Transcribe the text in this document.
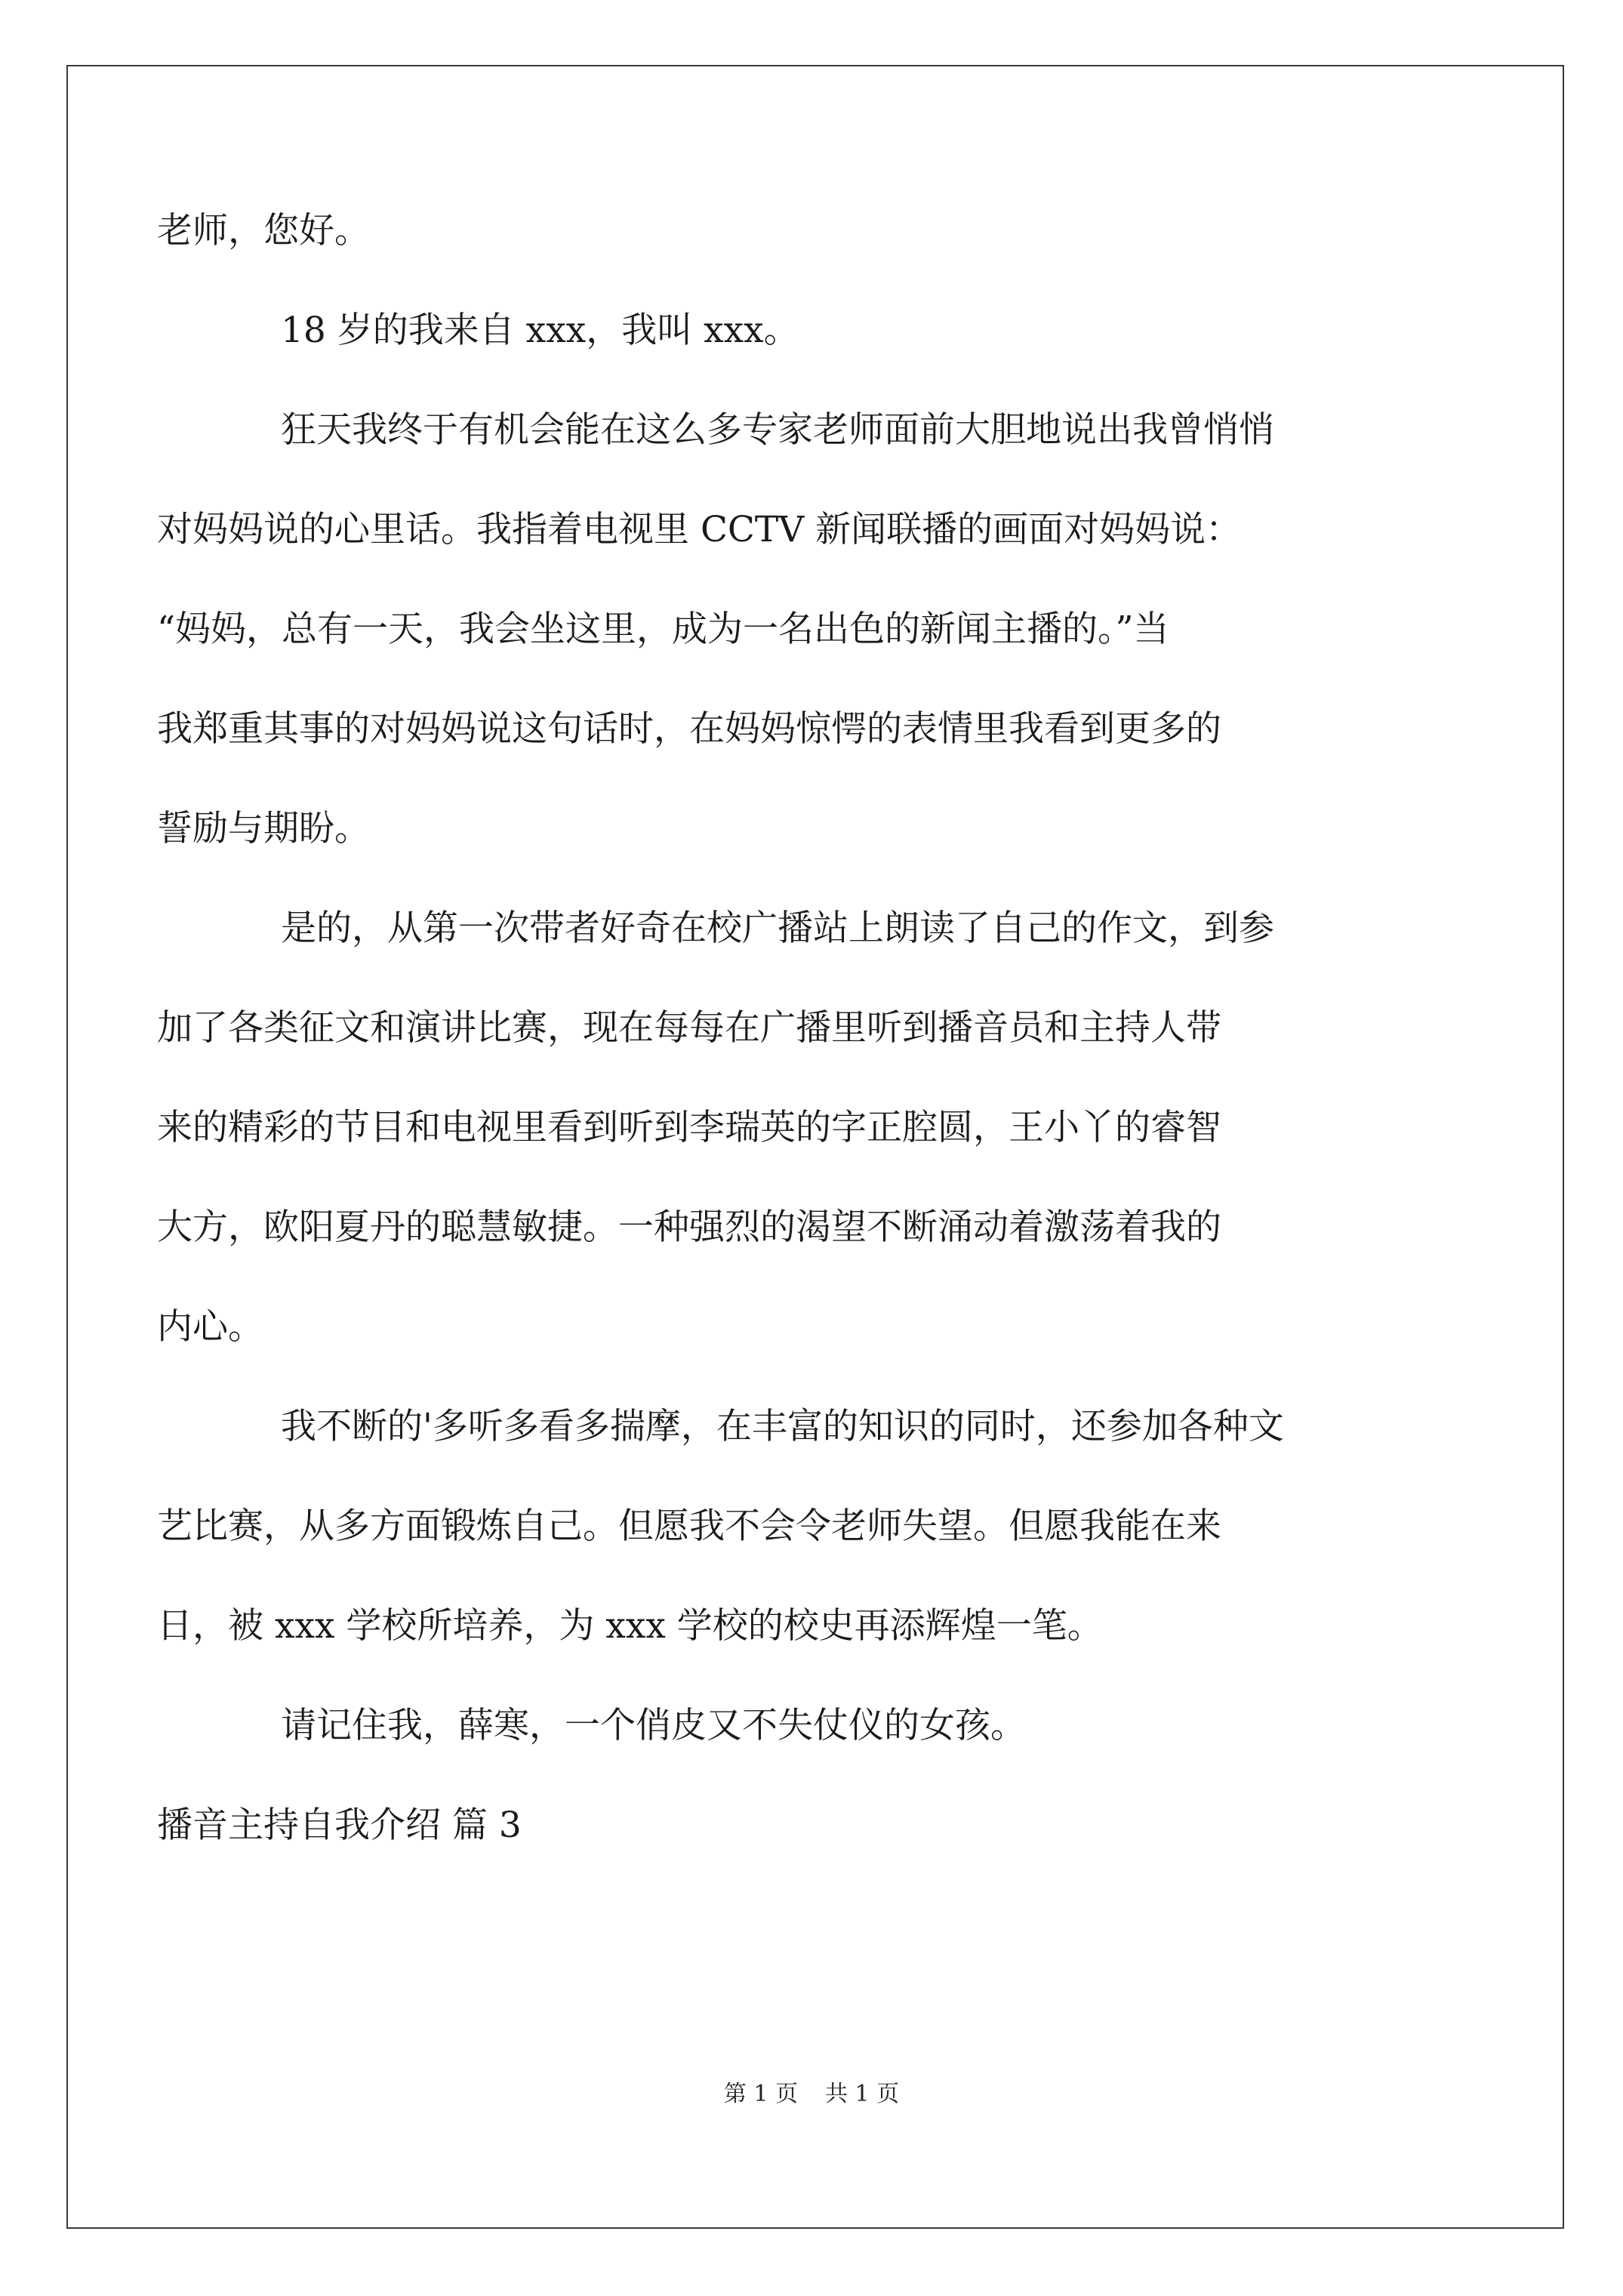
老师，您好。
18 岁的我来自 xxx，我叫 xxx。
狂天我终于有机会能在这么多专家老师面前大胆地说出我曾悄悄
对妈妈说的心里话。我指着电视里 CCTV 新闻联播的画面对妈妈说：
“妈妈，总有一天，我会坐这里，成为一名出色的新闻主播的。”当
我郑重其事的对妈妈说这句话时，在妈妈惊愕的表情里我看到更多的
誓励与期盼。
是的，从第一次带者好奇在校广播站上朗读了自己的作文，到参
加了各类征文和演讲比赛，现在每每在广播里听到播音员和主持人带
来的精彩的节目和电视里看到听到李瑞英的字正腔圆，王小丫的睿智
大方，欧阳夏丹的聪慧敏捷。一种强烈的渴望不断涌动着激荡着我的
内心。
我不断的'多听多看多揣摩，在丰富的知识的同时，还参加各种文
艺比赛，从多方面锻炼自己。但愿我不会令老师失望。但愿我能在来
日，被 xxx 学校所培养，为 xxx 学校的校史再添辉煌一笔。
请记住我，薛寒，一个俏皮又不失仗仪的女孩。
播音主持自我介绍 篇 3
第 1 页 共 1 页
